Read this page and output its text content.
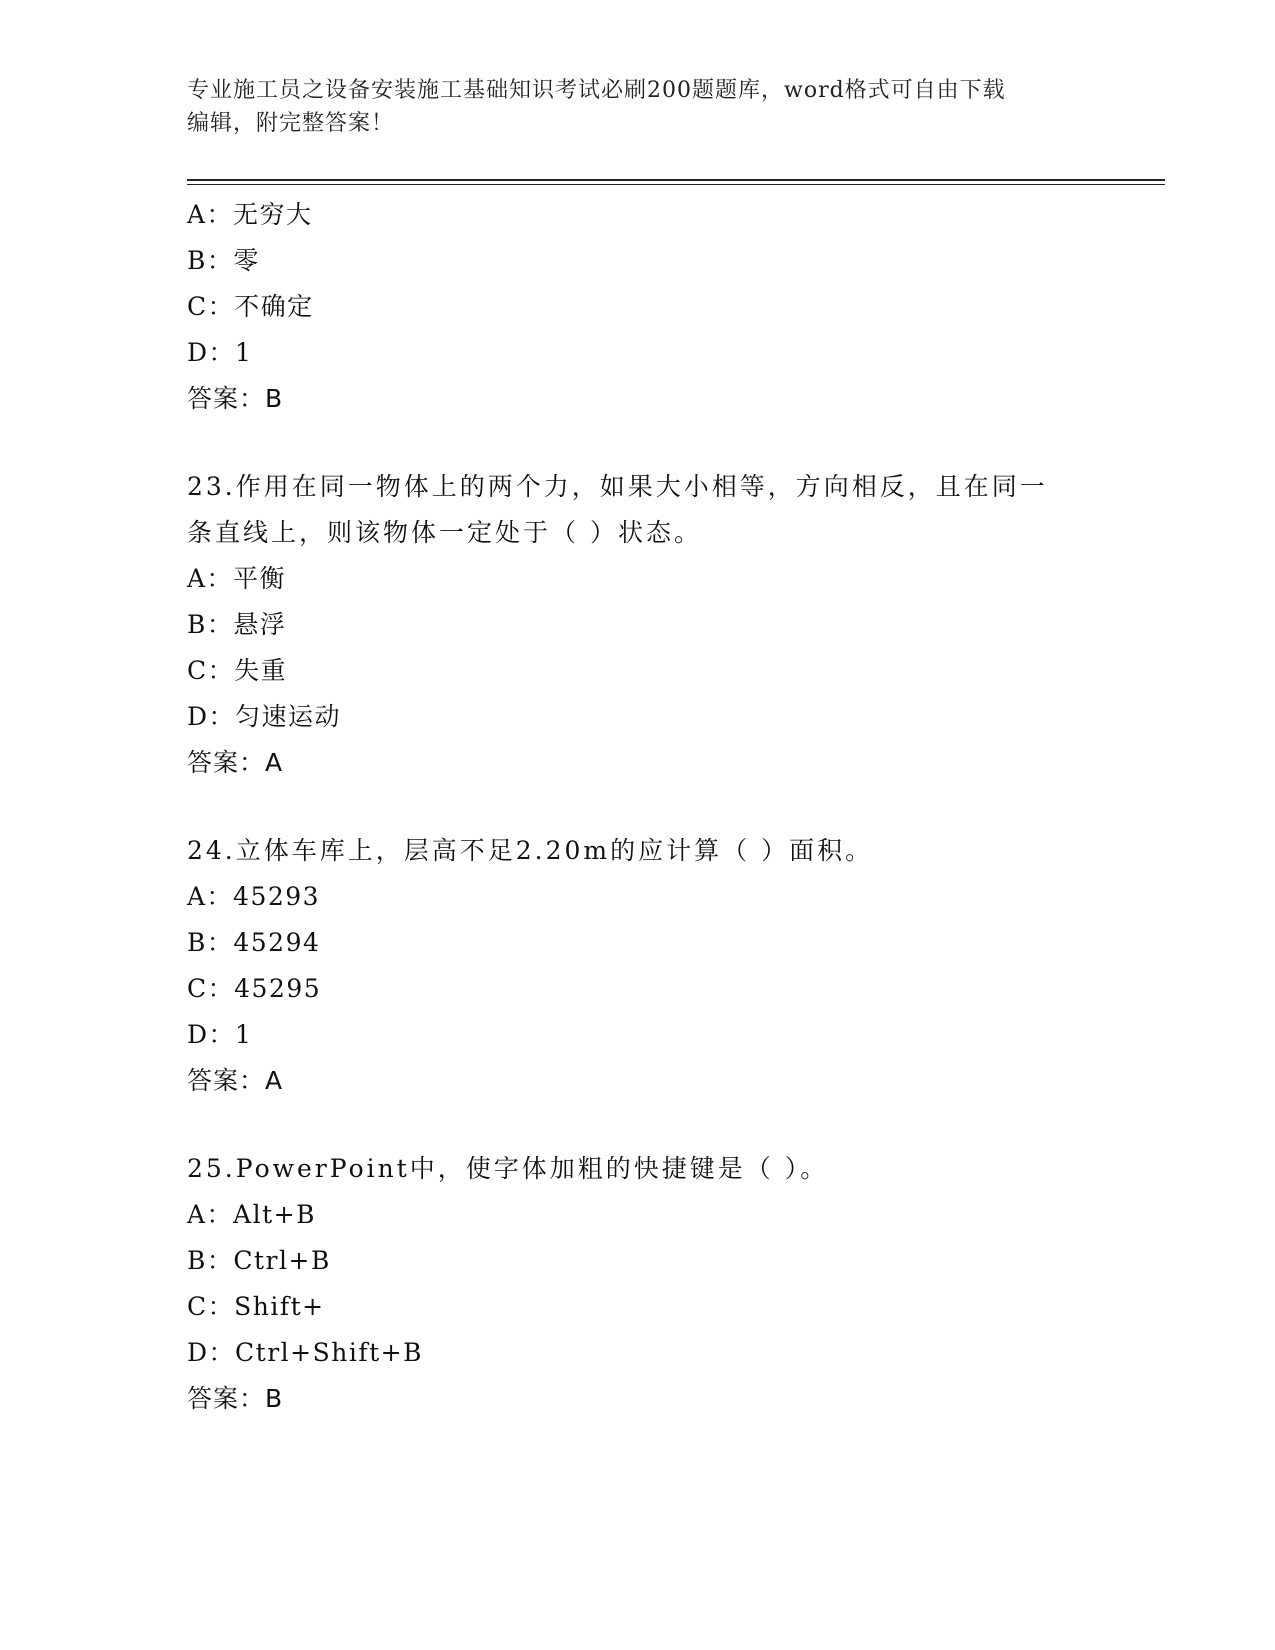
专业施工员之设备安装施工基础知识考试必刷200题题库，word格式可自由下载
编辑，附完整答案！
A：无穷大
B：零
C：不确定
D：1
答案：B
23.作用在同一物体上的两个力，如果大小相等，方向相反，且在同一
条直线上，则该物体一定处于（ ）状态。
A：平衡
B：悬浮
C：失重
D：匀速运动
答案：A
24.立体车库上，层高不足2.20m的应计算（ ）面积。
A：45293
B：45294
C：45295
D：1
答案：A
25.PowerPoint中，使字体加粗的快捷键是（ ）。
A：Alt+B
B：Ctrl+B
C：Shift+
D：Ctrl+Shift+B
答案：B
